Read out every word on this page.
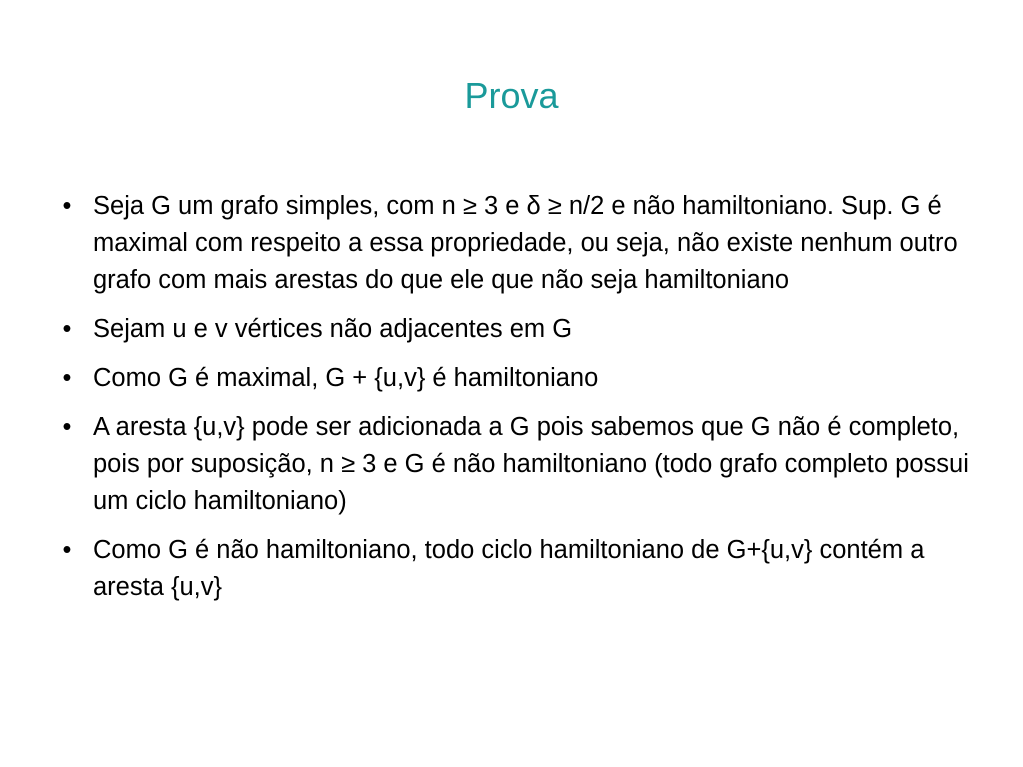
Prova
• Seja G um grafo simples, com n ≥ 3 e δ ≥ n/2 e não hamiltoniano. Sup. G é maximal com respeito a essa propriedade, ou seja, não existe nenhum outro grafo com mais arestas do que ele que não seja hamiltoniano
• Sejam u e v vértices não adjacentes em G
• Como G é maximal, G + {u,v} é hamiltoniano
• A aresta {u,v} pode ser adicionada a G pois sabemos que G não é completo, pois por suposição, n ≥ 3 e G é não hamiltoniano (todo grafo completo possui um ciclo hamiltoniano)
• Como G é não hamiltoniano, todo ciclo hamiltoniano de G+{u,v} contém a aresta {u,v}
